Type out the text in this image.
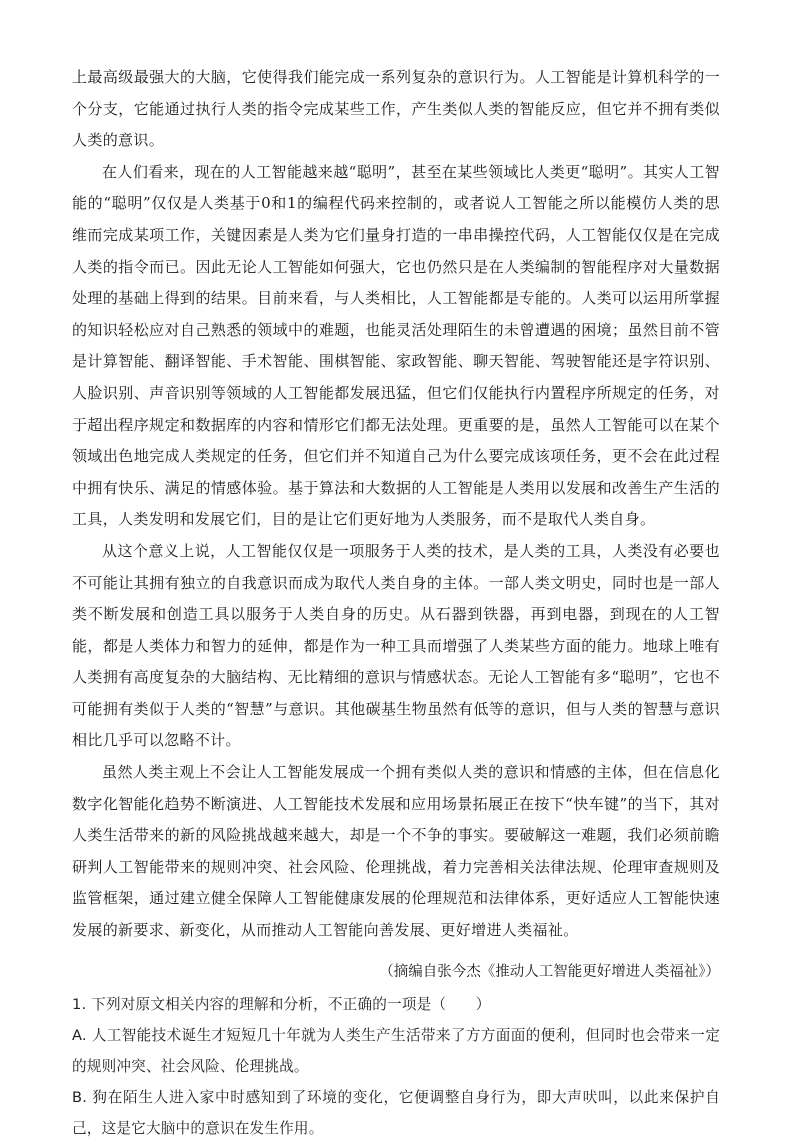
上最高级最强大的大脑，它使得我们能完成一系列复杂的意识行为。人工智能是计算机科学的一个分支，它能通过执行人类的指令完成某些工作，产生类似人类的智能反应，但它并不拥有类似人类的意识。

在人们看来，现在的人工智能越来越“聪明”，甚至在某些领域比人类更“聪明”。其实人工智能的“聪明”仅仅是人类基于0和1的编程代码来控制的，或者说人工智能之所以能模仿人类的思维而完成某项工作，关键因素是人类为它们量身打造的一串串操控代码，人工智能仅仅是在完成人类的指令而已。因此无论人工智能如何强大，它也仍然只是在人类编制的智能程序对大量数据处理的基础上得到的结果。目前来看，与人类相比，人工智能都是专能的。人类可以运用所掌握的知识轻松应对自己熟悉的领域中的难题，也能灵活处理陌生的未曾遭遇的困境；虽然目前不管是计算智能、翻译智能、手术智能、围棋智能、家政智能、聊天智能、驾驶智能还是字符识别、人脸识别、声音识别等领域的人工智能都发展迅猛，但它们仅能执行内置程序所规定的任务，对于超出程序规定和数据库的内容和情形它们都无法处理。更重要的是，虽然人工智能可以在某个领域出色地完成人类规定的任务，但它们并不知道自己为什么要完成该项任务，更不会在此过程中拥有快乐、满足的情感体验。基于算法和大数据的人工智能是人类用以发展和改善生产生活的工具，人类发明和发展它们，目的是让它们更好地为人类服务，而不是取代人类自身。

从这个意义上说，人工智能仅仅是一项服务于人类的技术，是人类的工具，人类没有必要也不可能让其拥有独立的自我意识而成为取代人类自身的主体。一部人类文明史，同时也是一部人类不断发展和创造工具以服务于人类自身的历史。从石器到铁器，再到电器，到现在的人工智能，都是人类体力和智力的延伸，都是作为一种工具而增强了人类某些方面的能力。地球上唯有人类拥有高度复杂的大脑结构、无比精细的意识与情感状态。无论人工智能有多“聪明”，它也不可能拥有类似于人类的“智慧”与意识。其他碳基生物虽然有低等的意识，但与人类的智慧与意识相比几乎可以忽略不计。

虽然人类主观上不会让人工智能发展成一个拥有类似人类的意识和情感的主体，但在信息化数字化智能化趋势不断演进、人工智能技术发展和应用场景拓展正在按下“快车键”的当下，其对人类生活带来的新的风险挑战越来越大，却是一个不争的事实。要破解这一难题，我们必须前瞻研判人工智能带来的规则冲突、社会风险、伦理挑战，着力完善相关法律法规、伦理审查规则及监管框架，通过建立健全保障人工智能健康发展的伦理规范和法律体系，更好适应人工智能快速发展的新要求、新变化，从而推动人工智能向善发展、更好增进人类福祉。

（摘编自张今杰《推动人工智能更好增进人类福祉》）

1. 下列对原文相关内容的理解和分析，不正确的一项是（　　）

A. 人工智能技术诞生才短短几十年就为人类生产生活带来了方方面面的便利，但同时也会带来一定的规则冲突、社会风险、伦理挑战。

B. 狗在陌生人进入家中时感知到了环境的变化，它便调整自身行为，即大声吠叫，以此来保护自己，这是它大脑中的意识在发生作用。
